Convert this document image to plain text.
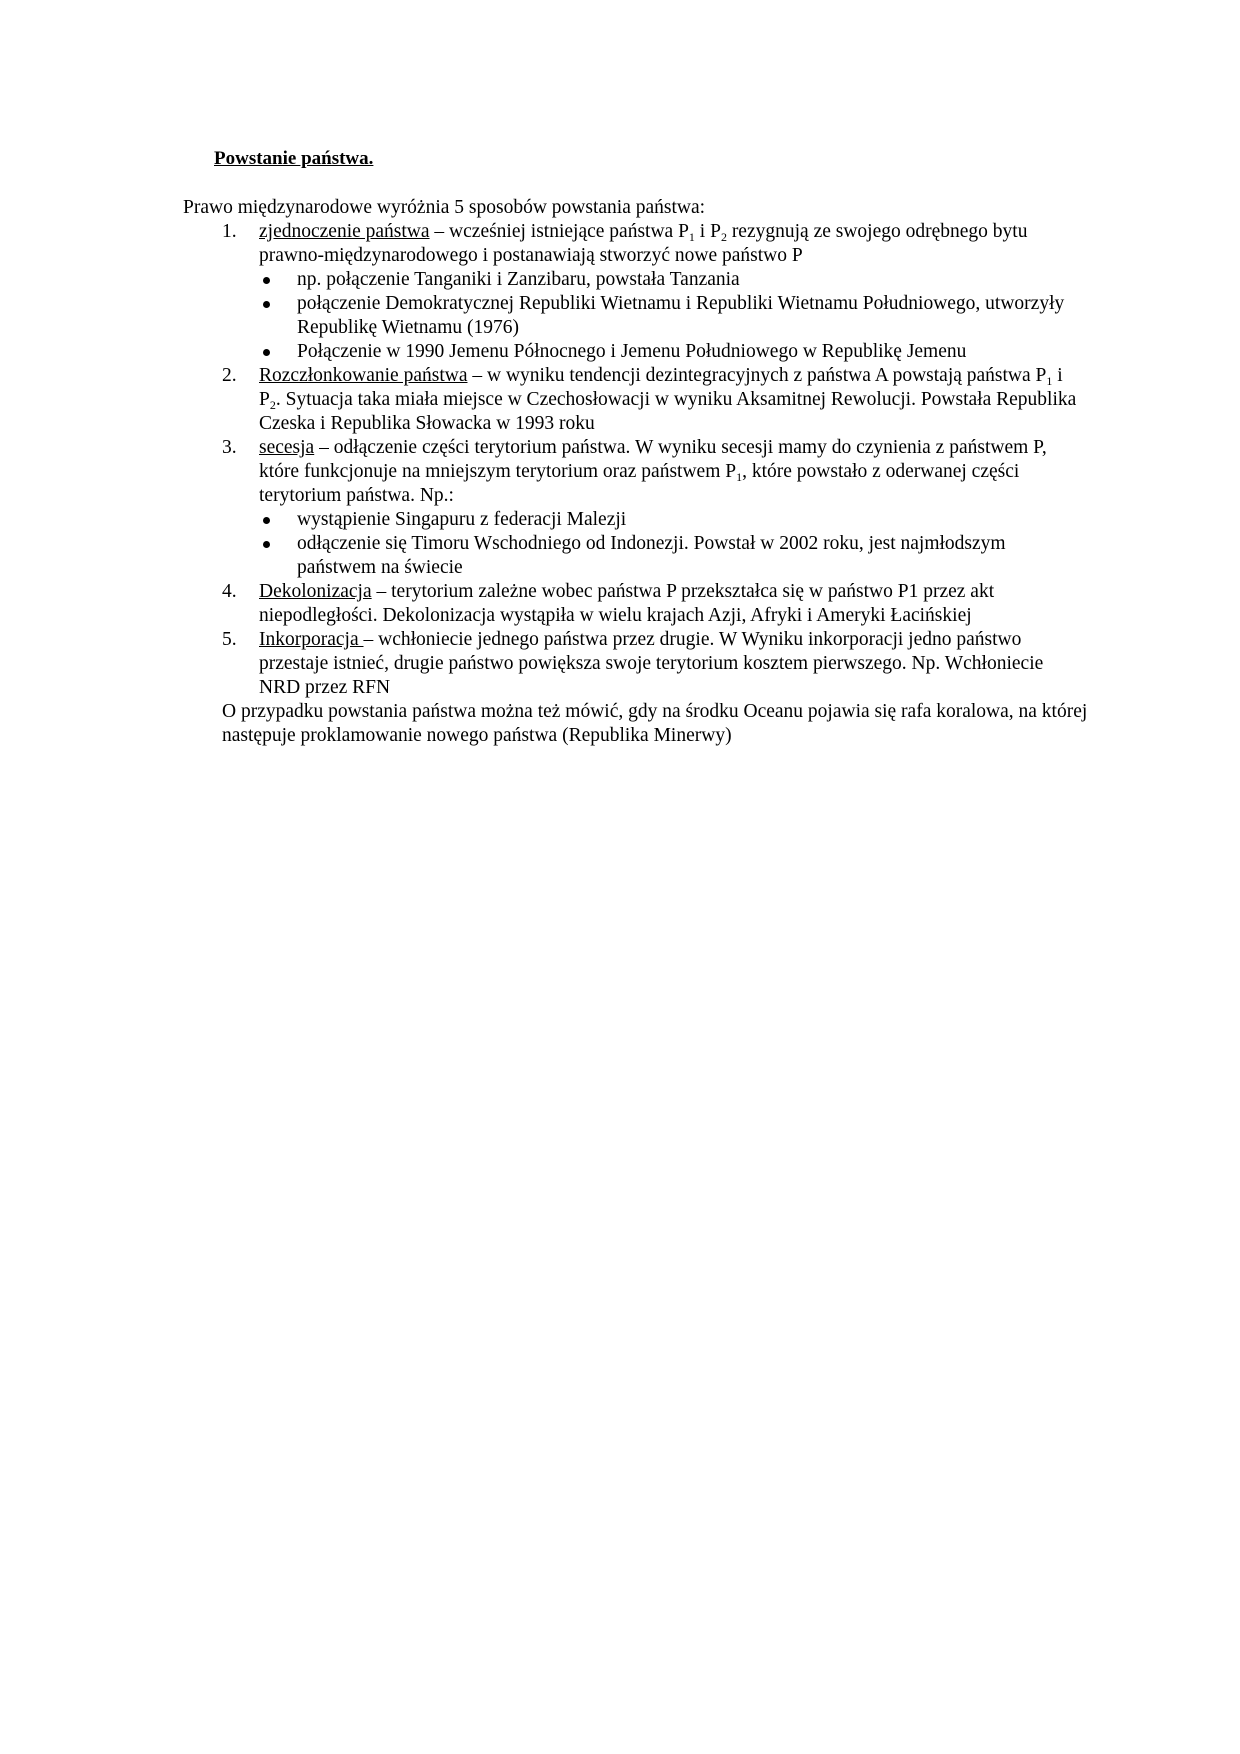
Powstanie państwa.
Prawo międzynarodowe wyróżnia 5 sposobów powstania państwa:
1. zjednoczenie państwa – wcześniej istniejące państwa $P_1$ i $P_2$ rezygnują ze swojego odrębnego bytu prawno-międzynarodowego i postanawiają stworzyć nowe państwo P
np. połączenie Tanganiki i Zanzibaru, powstała Tanzania
połączenie Demokratycznej Republiki Wietnamu i Republiki Wietnamu Południowego, utworzyły Republikę Wietnamu (1976)
Połączenie w 1990 Jemenu Północnego i Jemenu Południowego w Republikę Jemenu
2. Rozczłonkowanie państwa – w wyniku tendencji dezintegracyjnych z państwa A powstają państwa $P_1$ i $P_2$. Sytuacja taka miała miejsce w Czechosłowacji w wyniku Aksamitnej Rewolucji. Powstała Republika Czeska i Republika Słowacka w 1993 roku
3. secesja – odłączenie części terytorium państwa. W wyniku secesji mamy do czynienia z państwem P, które funkcjonuje na mniejszym terytorium oraz państwem $P_1$, które powstało z oderwanej części terytorium państwa. Np.:
wystąpienie Singapuru z federacji Malezji
odłączenie się Timoru Wschodniego od Indonezji. Powstał w 2002 roku, jest najmłodszym państwem na świecie
4. Dekolonizacja – terytorium zależne wobec państwa P przekształca się w państwo P1 przez akt niepodległości. Dekolonizacja wystąpiła w wielu krajach Azji, Afryki i Ameryki Łacińskiej
5. Inkorporacja – wchłoniecie jednego państwa przez drugie. W Wyniku inkorporacji jedno państwo przestaje istnieć, drugie państwo powiększa swoje terytorium kosztem pierwszego. Np. Wchłoniecie NRD przez RFN
O przypadku powstania państwa można też mówić, gdy na środku Oceanu pojawia się rafa koralowa, na której następuje proklamowanie nowego państwa (Republika Minerwy)
